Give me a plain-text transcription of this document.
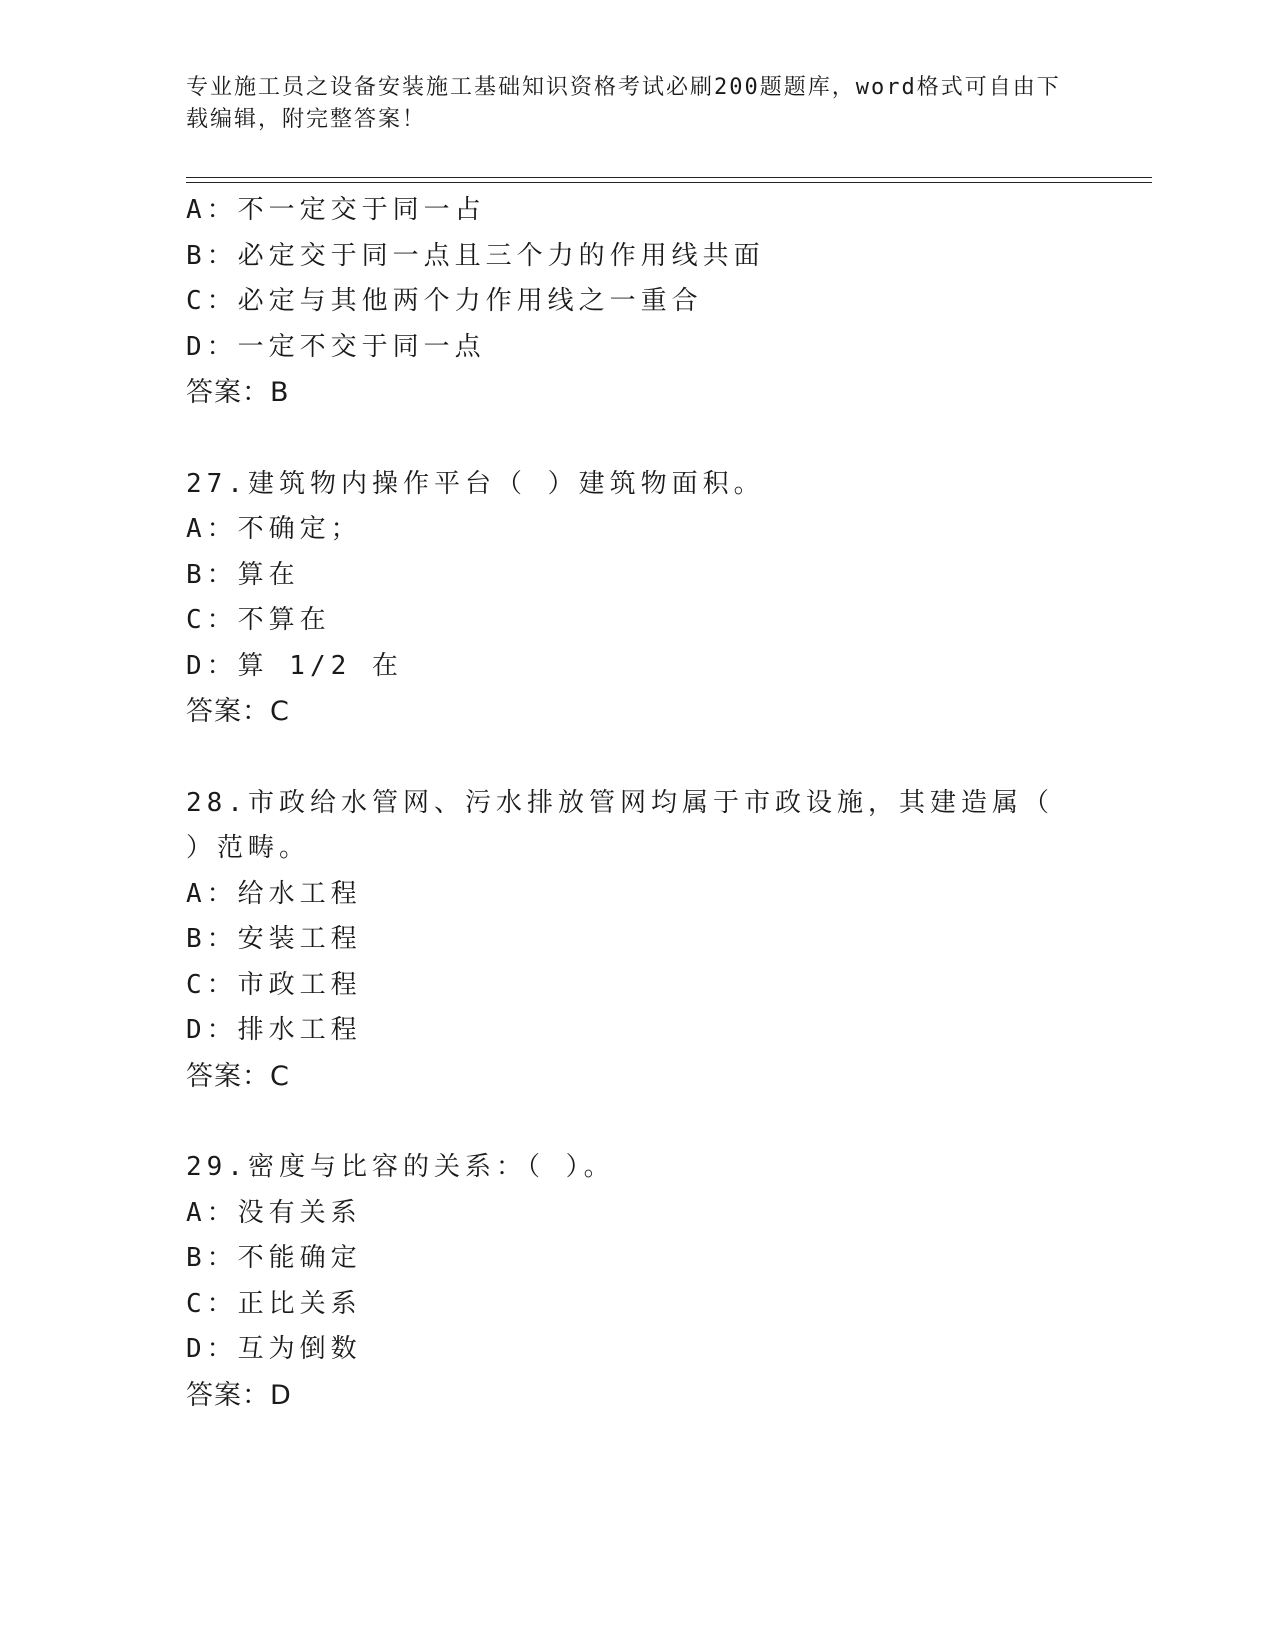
专业施工员之设备安装施工基础知识资格考试必刷200题题库，word格式可自由下载编辑，附完整答案！
A：不一定交于同一占
B：必定交于同一点且三个力的作用线共面
C：必定与其他两个力作用线之一重合
D：一定不交于同一点
答案：B
27.建筑物内操作平台（ ）建筑物面积。
A：不确定；
B：算在
C：不算在
D：算 1/2 在
答案：C
28.市政给水管网、污水排放管网均属于市政设施，其建造属（ ）范畴。
A：给水工程
B：安装工程
C：市政工程
D：排水工程
答案：C
29.密度与比容的关系：（ ）。
A：没有关系
B：不能确定
C：正比关系
D：互为倒数
答案：D
